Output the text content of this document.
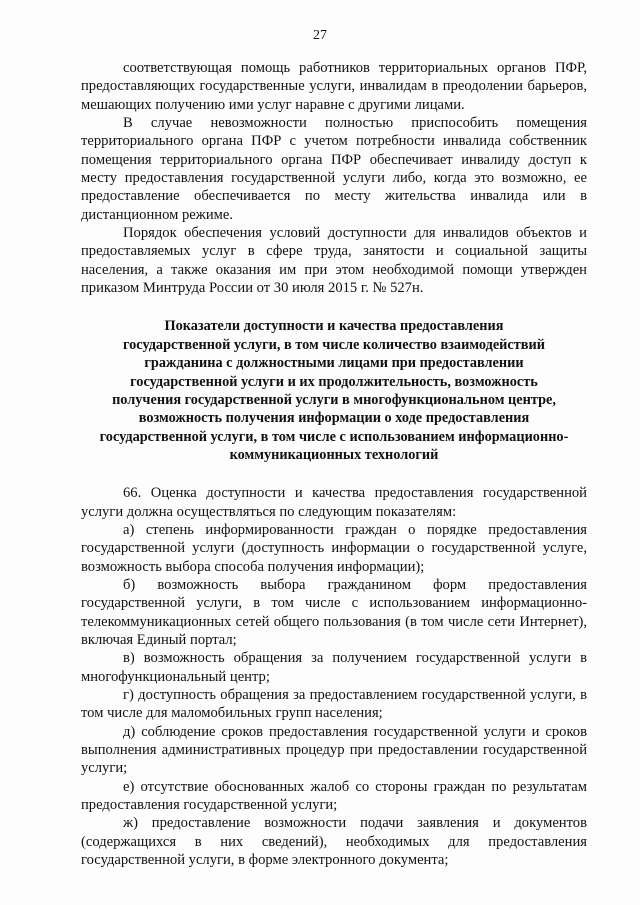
27

соответствующая помощь работников территориальных органов ПФР, предоставляющих государственные услуги, инвалидам в преодолении барьеров, мешающих получению ими услуг наравне с другими лицами.

В случае невозможности полностью приспособить помещения территориального органа ПФР с учетом потребности инвалида собственник помещения территориального органа ПФР обеспечивает инвалиду доступ к месту предоставления государственной услуги либо, когда это возможно, ее предоставление обеспечивается по месту жительства инвалида или в дистанционном режиме.

Порядок обеспечения условий доступности для инвалидов объектов и предоставляемых услуг в сфере труда, занятости и социальной защиты населения, а также оказания им при этом необходимой помощи утвержден приказом Минтруда России от 30 июля 2015 г. № 527н.

Показатели доступности и качества предоставления
государственной услуги, в том числе количество взаимодействий
гражданина с должностными лицами при предоставлении
государственной услуги и их продолжительность, возможность
получения государственной услуги в многофункциональном центре,
возможность получения информации о ходе предоставления
государственной услуги, в том числе с использованием информационно-
коммуникационных технологий

66. Оценка доступности и качества предоставления государственной услуги должна осуществляться по следующим показателям:

а) степень информированности граждан о порядке предоставления государственной услуги (доступность информации о государственной услуге, возможность выбора способа получения информации);

б) возможность выбора гражданином форм предоставления государственной услуги, в том числе с использованием информационно-телекоммуникационных сетей общего пользования (в том числе сети Интернет), включая Единый портал;

в) возможность обращения за получением государственной услуги в многофункциональный центр;

г) доступность обращения за предоставлением государственной услуги, в том числе для маломобильных групп населения;

д) соблюдение сроков предоставления государственной услуги и сроков выполнения административных процедур при предоставлении государственной услуги;

е) отсутствие обоснованных жалоб со стороны граждан по результатам предоставления государственной услуги;

ж) предоставление возможности подачи заявления и документов (содержащихся в них сведений), необходимых для предоставления государственной услуги, в форме электронного документа;
